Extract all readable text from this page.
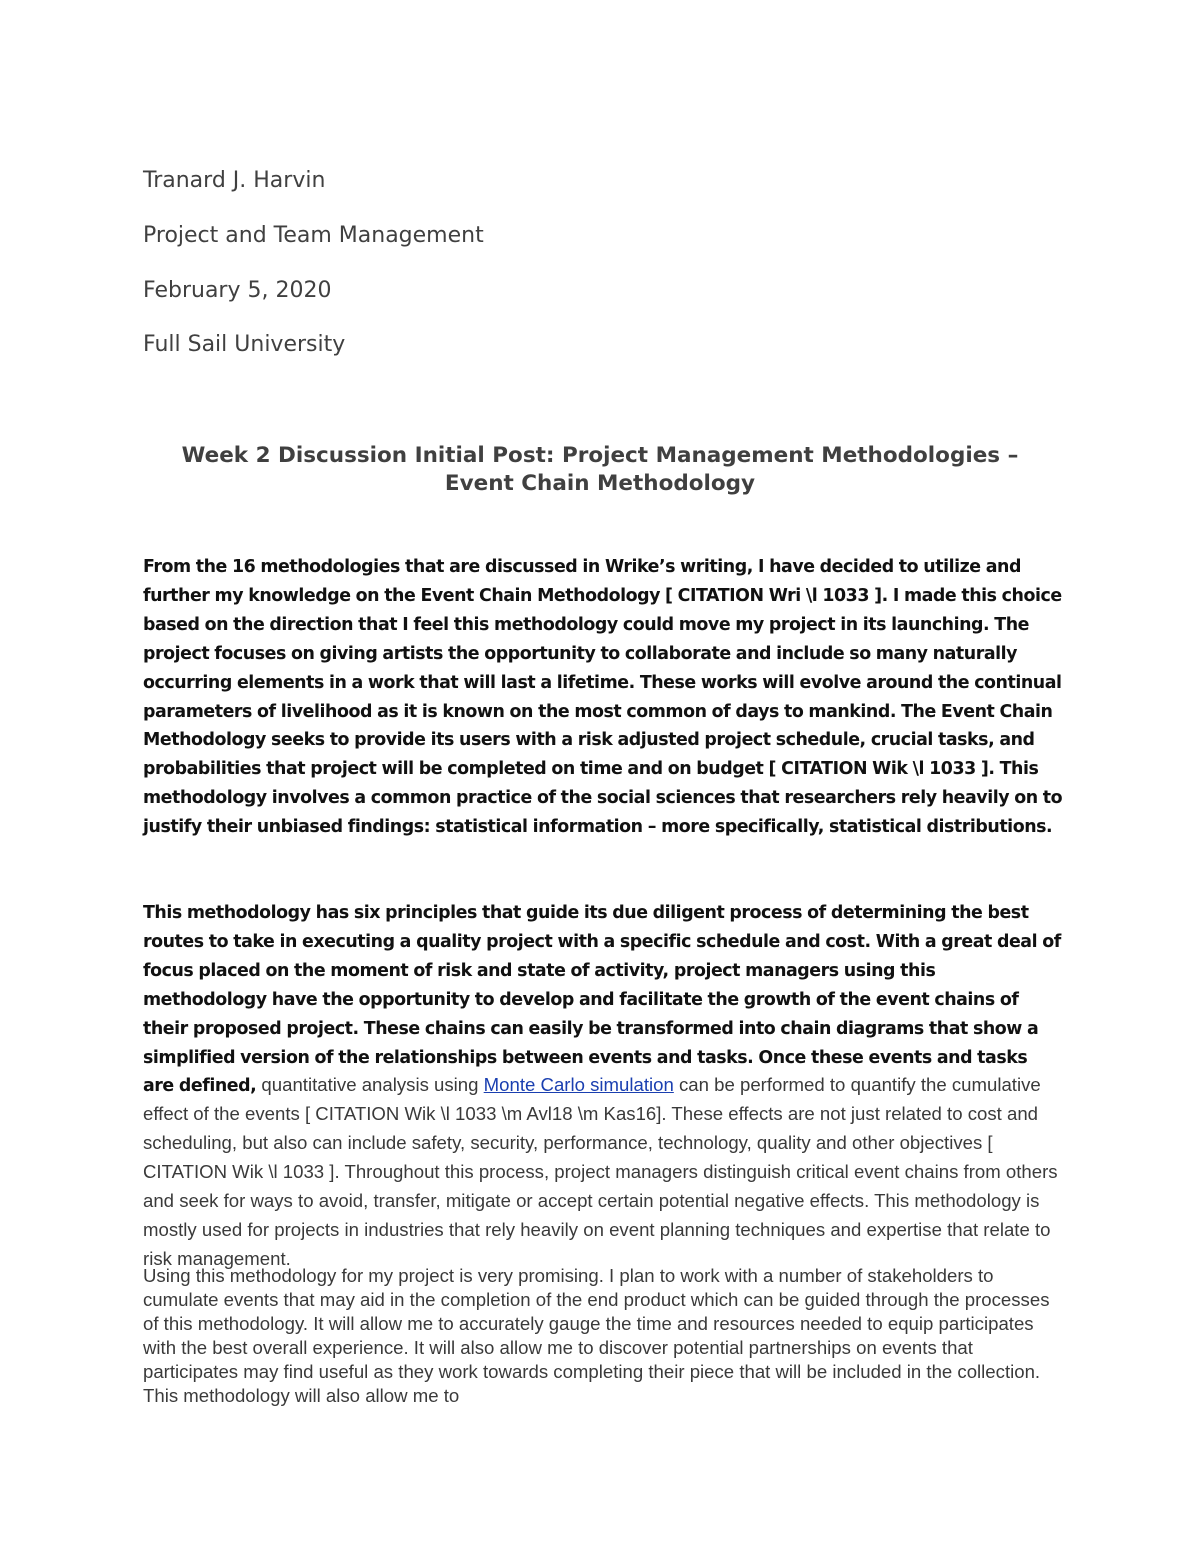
Tranard J. Harvin
Project and Team Management
February 5, 2020
Full Sail University
Week 2 Discussion Initial Post: Project Management Methodologies –
Event Chain Methodology
From the 16 methodologies that are discussed in Wrike’s writing, I have decided to utilize and further my knowledge on the Event Chain Methodology [ CITATION Wri \l 1033 ]. I made this choice based on the direction that I feel this methodology could move my project in its launching. The project focuses on giving artists the opportunity to collaborate and include so many naturally occurring elements in a work that will last a lifetime. These works will evolve around the continual parameters of livelihood as it is known on the most common of days to mankind. The Event Chain Methodology seeks to provide its users with a risk adjusted project schedule, crucial tasks, and probabilities that project will be completed on time and on budget [ CITATION Wik \l 1033 ]. This methodology involves a common practice of the social sciences that researchers rely heavily on to justify their unbiased findings: statistical information – more specifically, statistical distributions.
This methodology has six principles that guide its due diligent process of determining the best routes to take in executing a quality project with a specific schedule and cost. With a great deal of focus placed on the moment of risk and state of activity, project managers using this methodology have the opportunity to develop and facilitate the growth of the event chains of their proposed project. These chains can easily be transformed into chain diagrams that show a simplified version of the relationships between events and tasks. Once these events and tasks are defined, quantitative analysis using Monte Carlo simulation can be performed to quantify the cumulative effect of the events [ CITATION Wik \l 1033 \m Avl18 \m Kas16]. These effects are not just related to cost and scheduling, but also can include safety, security, performance, technology, quality and other objectives [ CITATION Wik \l 1033 ]. Throughout this process, project managers distinguish critical event chains from others and seek for ways to avoid, transfer, mitigate or accept certain potential negative effects. This methodology is mostly used for projects in industries that rely heavily on event planning techniques and expertise that relate to risk management.
Using this methodology for my project is very promising. I plan to work with a number of stakeholders to cumulate events that may aid in the completion of the end product which can be guided through the processes of this methodology. It will allow me to accurately gauge the time and resources needed to equip participates with the best overall experience. It will also allow me to discover potential partnerships on events that participates may find useful as they work towards completing their piece that will be included in the collection. This methodology will also allow me to
